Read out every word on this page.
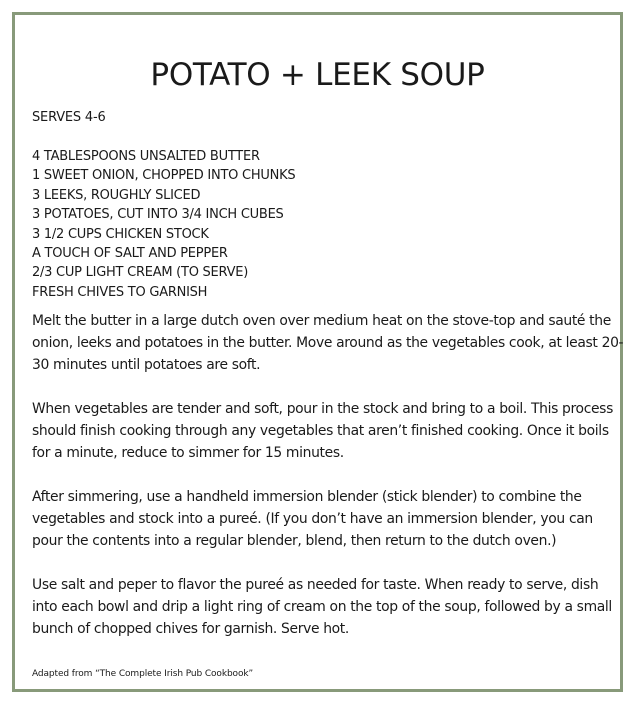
POTATO + LEEK SOUP

SERVES 4-6

4 TABLESPOONS UNSALTED BUTTER
1 SWEET ONION, CHOPPED INTO CHUNKS
3 LEEKS, ROUGHLY SLICED
3 POTATOES, CUT INTO 3/4 INCH CUBES
3 1/2 CUPS CHICKEN STOCK
A TOUCH OF SALT AND PEPPER
2/3 CUP LIGHT CREAM (TO SERVE)
FRESH CHIVES TO GARNISH

Melt the butter in a large dutch oven over medium heat on the stove-top and sauté the onion, leeks and potatoes in the butter. Move around as the vegetables cook, at least 20-30 minutes until potatoes are soft.

When vegetables are tender and soft, pour in the stock and bring to a boil. This process should finish cooking through any vegetables that aren’t finished cooking. Once it boils for a minute, reduce to simmer for 15 minutes.

After simmering, use a handheld immersion blender (stick blender) to combine the vegetables and stock into a pureé. (If you don’t have an immersion blender, you can pour the contents into a regular blender, blend, then return to the dutch oven.)

Use salt and peper to flavor the pureé as needed for taste. When ready to serve, dish into each bowl and drip a light ring of cream on the top of the soup, followed by a small bunch of chopped chives for garnish. Serve hot.

Adapted from “The Complete Irish Pub Cookbook”
